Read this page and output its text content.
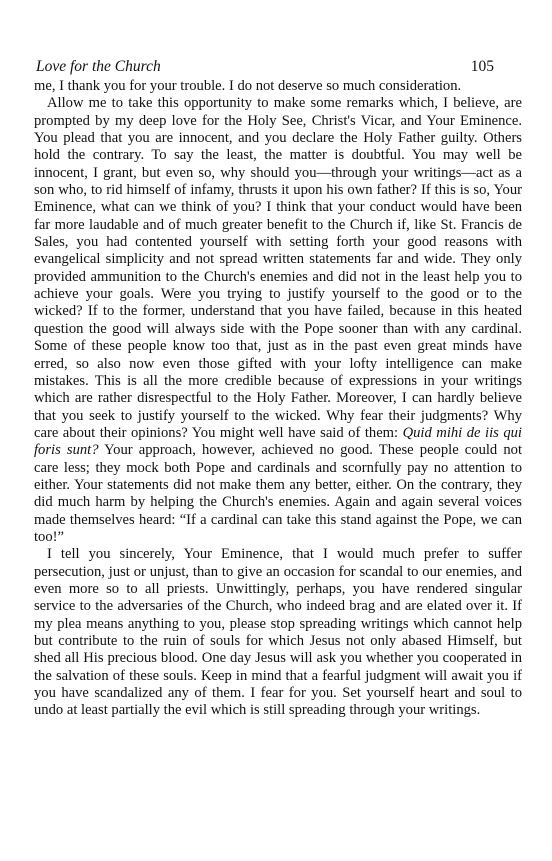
Love for the Church	105

me, I thank you for your trouble. I do not deserve so much consideration.

Allow me to take this opportunity to make some remarks which, I believe, are prompted by my deep love for the Holy See, Christ's Vicar, and Your Eminence. You plead that you are innocent, and you declare the Holy Father guilty. Others hold the contrary. To say the least, the matter is doubtful. You may well be innocent, I grant, but even so, why should you—through your writings—act as a son who, to rid himself of infamy, thrusts it upon his own father? If this is so, Your Eminence, what can we think of you? I think that your conduct would have been far more laudable and of much greater benefit to the Church if, like St. Francis de Sales, you had contented yourself with setting forth your good reasons with evangelical simplicity and not spread written statements far and wide. They only provided ammunition to the Church's enemies and did not in the least help you to achieve your goals. Were you trying to justify yourself to the good or to the wicked? If to the former, understand that you have failed, because in this heated question the good will always side with the Pope sooner than with any cardinal. Some of these people know too that, just as in the past even great minds have erred, so also now even those gifted with your lofty intelligence can make mistakes. This is all the more credible because of expressions in your writings which are rather disrespectful to the Holy Father. Moreover, I can hardly believe that you seek to justify yourself to the wicked. Why fear their judgments? Why care about their opinions? You might well have said of them: Quid mihi de iis qui foris sunt? Your approach, however, achieved no good. These people could not care less; they mock both Pope and cardinals and scornfully pay no attention to either. Your statements did not make them any better, either. On the contrary, they did much harm by helping the Church's enemies. Again and again several voices made themselves heard: “If a cardinal can take this stand against the Pope, we can too!”

I tell you sincerely, Your Eminence, that I would much prefer to suffer persecution, just or unjust, than to give an occasion for scandal to our enemies, and even more so to all priests. Unwittingly, perhaps, you have rendered singular service to the adversaries of the Church, who indeed brag and are elated over it. If my plea means anything to you, please stop spreading writings which cannot help but contribute to the ruin of souls for which Jesus not only abased Himself, but shed all His precious blood. One day Jesus will ask you whether you cooperated in the salvation of these souls. Keep in mind that a fearful judgment will await you if you have scandalized any of them. I fear for you. Set yourself heart and soul to undo at least partially the evil which is still spreading through your writings.
